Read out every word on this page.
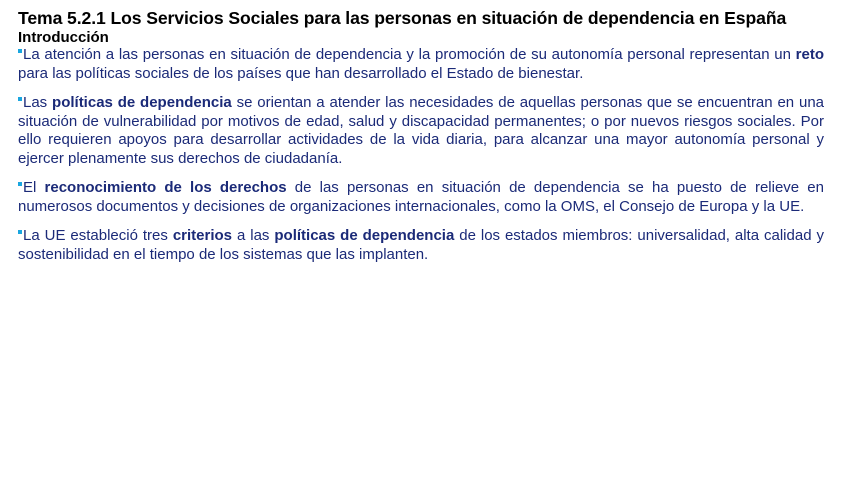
Tema 5.2.1 Los Servicios Sociales para las personas en situación de dependencia en España
Introducción

La atención a las personas en situación de dependencia y la promoción de su autonomía personal representan un reto para las políticas sociales de los países que han desarrollado el Estado de bienestar.

Las políticas de dependencia se orientan a atender las necesidades de aquellas personas que se encuentran en una situación de vulnerabilidad por motivos de edad, salud y discapacidad permanentes; o por nuevos riesgos sociales. Por ello requieren apoyos para desarrollar actividades de la vida diaria, para alcanzar una mayor autonomía personal y ejercer plenamente sus derechos de ciudadanía.

El reconocimiento de los derechos de las personas en situación de dependencia se ha puesto de relieve en numerosos documentos y decisiones de organizaciones internacionales, como la OMS, el Consejo de Europa y la UE.

La UE estableció tres criterios a las políticas de dependencia de los estados miembros: universalidad, alta calidad y sostenibilidad en el tiempo de los sistemas que las implanten.
